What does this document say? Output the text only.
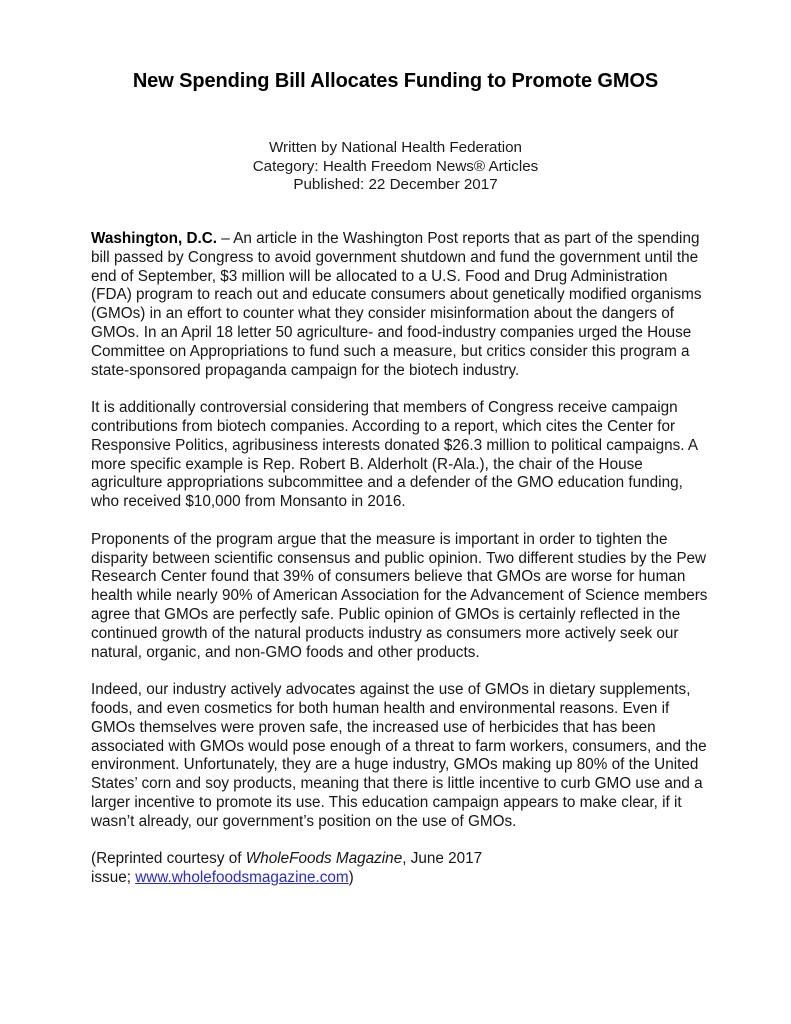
New Spending Bill Allocates Funding to Promote GMOS
Written by National Health Federation
Category: Health Freedom News® Articles
Published: 22 December 2017

Washington, D.C. – An article in the Washington Post reports that as part of the spending bill passed by Congress to avoid government shutdown and fund the government until the end of September, $3 million will be allocated to a U.S. Food and Drug Administration (FDA) program to reach out and educate consumers about genetically modified organisms (GMOs) in an effort to counter what they consider misinformation about the dangers of GMOs. In an April 18 letter 50 agriculture- and food-industry companies urged the House Committee on Appropriations to fund such a measure, but critics consider this program a state-sponsored propaganda campaign for the biotech industry.

It is additionally controversial considering that members of Congress receive campaign contributions from biotech companies. According to a report, which cites the Center for Responsive Politics, agribusiness interests donated $26.3 million to political campaigns. A more specific example is Rep. Robert B. Alderholt (R-Ala.), the chair of the House agriculture appropriations subcommittee and a defender of the GMO education funding, who received $10,000 from Monsanto in 2016.

Proponents of the program argue that the measure is important in order to tighten the disparity between scientific consensus and public opinion. Two different studies by the Pew Research Center found that 39% of consumers believe that GMOs are worse for human health while nearly 90% of American Association for the Advancement of Science members agree that GMOs are perfectly safe. Public opinion of GMOs is certainly reflected in the continued growth of the natural products industry as consumers more actively seek our natural, organic, and non-GMO foods and other products.

Indeed, our industry actively advocates against the use of GMOs in dietary supplements, foods, and even cosmetics for both human health and environmental reasons. Even if GMOs themselves were proven safe, the increased use of herbicides that has been associated with GMOs would pose enough of a threat to farm workers, consumers, and the environment. Unfortunately, they are a huge industry, GMOs making up 80% of the United States’ corn and soy products, meaning that there is little incentive to curb GMO use and a larger incentive to promote its use. This education campaign appears to make clear, if it wasn’t already, our government’s position on the use of GMOs.

(Reprinted courtesy of WholeFoods Magazine, June 2017
issue; www.wholefoodsmagazine.com)
